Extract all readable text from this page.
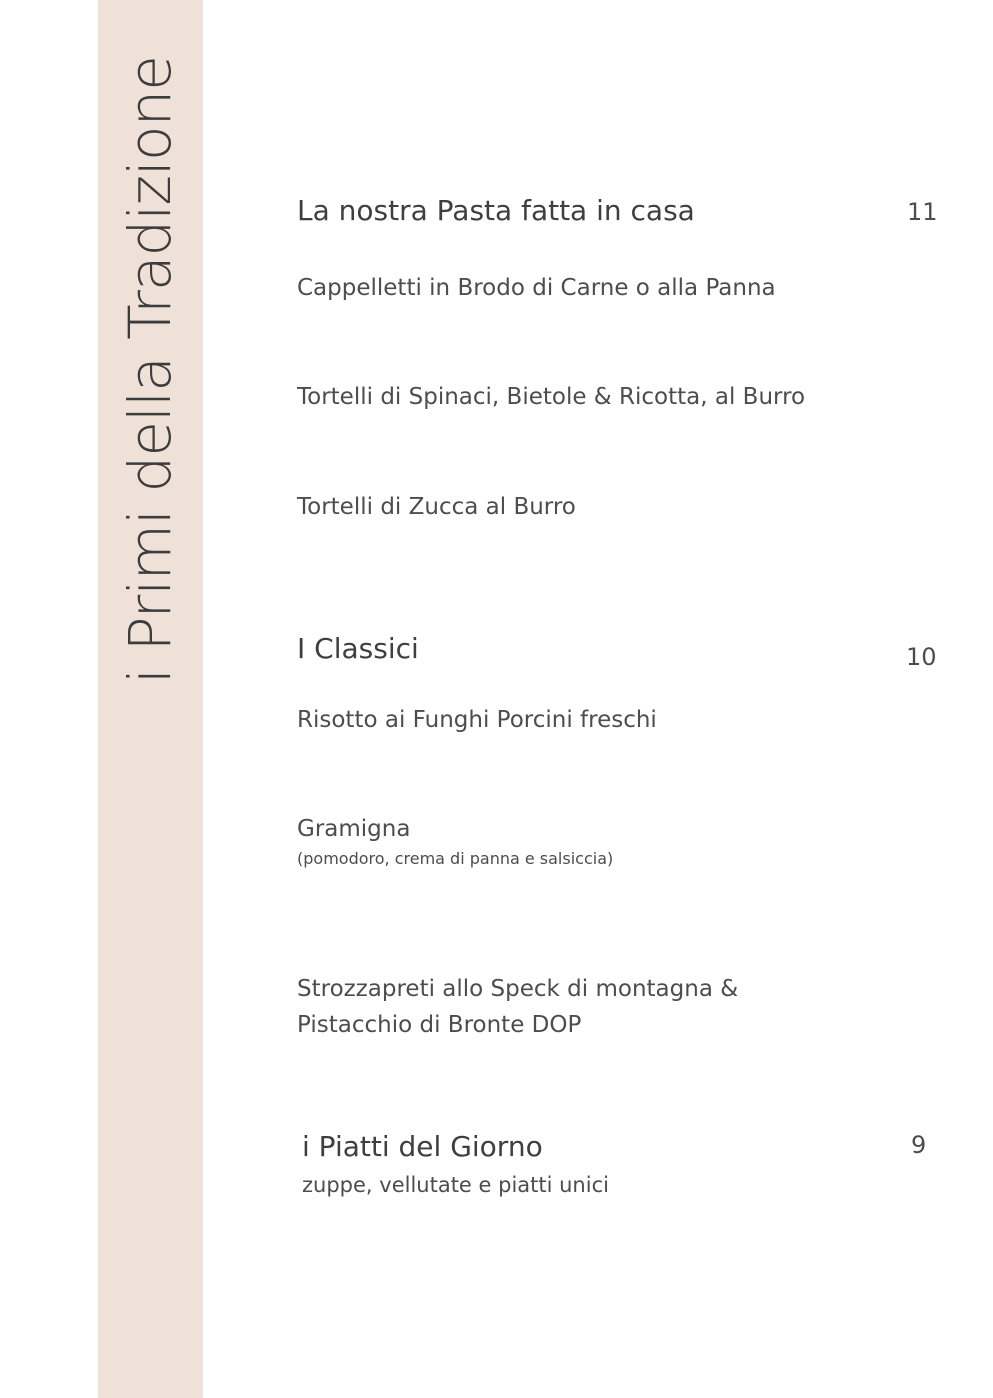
i Primi della Tradizione	La nostra Pasta fatta in casa	11
Cappelletti in Brodo di Carne o alla Panna
Tortelli di Spinaci, Bietole & Ricotta, al Burro
Tortelli di Zucca al Burro
I Classici	10
Risotto ai Funghi Porcini freschi
Gramigna
(pomodoro, crema di panna e salsiccia)
Strozzapreti allo Speck di montagna &
Pistacchio di Bronte DOP
i Piatti del Giorno	9
zuppe, vellutate e piatti unici
